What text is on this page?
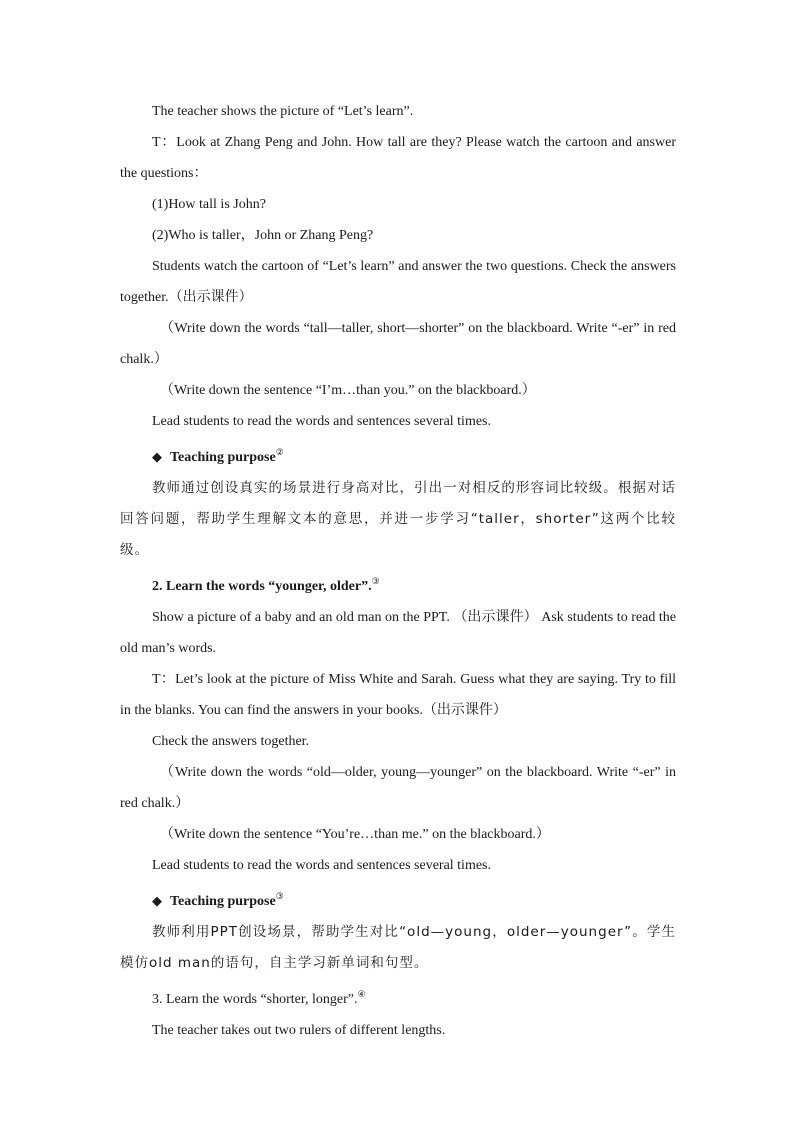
The teacher shows the picture of “Let’s learn”.

T：Look at Zhang Peng and John. How tall are they? Please watch the cartoon and answer the questions：

(1)How tall is John?

(2)Who is taller，John or Zhang Peng?

Students watch the cartoon of “Let’s learn” and answer the two questions. Check the answers together.（出示课件）

（Write down the words “tall—taller, short—shorter” on the blackboard. Write “-er” in red chalk.）

（Write down the sentence “I’m…than you.” on the blackboard.）

Lead students to read the words and sentences several times.

◆ Teaching purpose②

教师通过创设真实的场景进行身高对比，引出一对相反的形容词比较级。根据对话回答问题，帮助学生理解文本的意思，并进一步学习“taller，shorter”这两个比较级。

2. Learn the words “younger, older”.③

Show a picture of a baby and an old man on the PPT. （出示课件） Ask students to read the old man’s words.

T：Let’s look at the picture of Miss White and Sarah. Guess what they are saying. Try to fill in the blanks. You can find the answers in your books.（出示课件）

Check the answers together.

（Write down the words “old—older, young—younger” on the blackboard. Write “-er” in red chalk.）

（Write down the sentence “You’re…than me.” on the blackboard.）

Lead students to read the words and sentences several times.

◆ Teaching purpose③

教师利用PPT创设场景，帮助学生对比“old—young，older—younger”。学生模仿old man的语句，自主学习新单词和句型。

3. Learn the words “shorter, longer”.④

The teacher takes out two rulers of different lengths.
